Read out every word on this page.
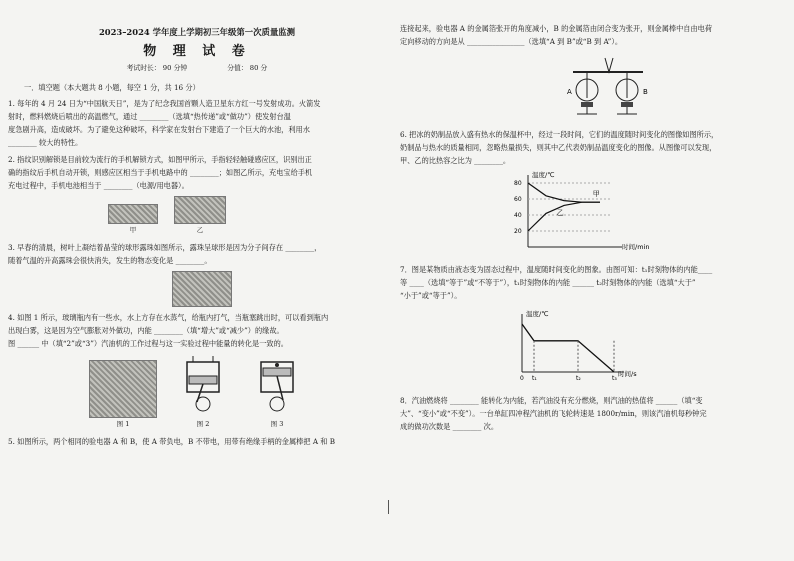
2023–2024 学年度上学期初三年级第一次质量监测
物 理 试 卷
考试时长： 90 分钟	分值： 80 分
一．填空题（本大题共 8 小题，每空 1 分，共 16 分）

1. 每年的 4 月 24 日为“中国航天日”，是为了纪念我国首颗人造卫星东方红一号发射成功。火箭发

射时，燃料燃烧后喷出的高温燃气，通过 ________（选填“热传递”或“做功”）使发射台温

度急剧升高，造成破坏。为了避免这种破坏，科学家在发射台下建造了一个巨大的水池，利用水

________ 较大的特性。

2. 指纹识别解锁是目前较为流行的手机解锁方式，如图甲所示，手指轻轻触碰感应区，识别出正

确的指纹后手机自动开锁，则感应区相当于手机电路中的 ________；如图乙所示，充电宝给手机

充电过程中，手机电池相当于 ________（电源/用电器）。

甲	乙

3. 早春的清晨，树叶上凝结着晶莹的球形露珠如图所示，露珠呈球形是因为分子间存在 ________，

随着气温的升高露珠会很快消失，发生的物态变化是 ________。

4. 如图 1 所示，玻璃瓶内有一些水，水上方存在水蒸气，给瓶内打气，当瓶塞跳出时，可以看到瓶内

出现白雾，这是因为空气膨胀对外做功，内能 ________（填“增大”或“减少”）的缘故。

图 ______ 中（填“2”或“3”）汽油机的工作过程与这一实验过程中能量的转化是一致的。

图 1	图 2	图 3

5. 如图所示，两个相同的验电器 A 和 B，使 A 带负电，B 不带电，用带有绝缘手柄的金属棒把 A 和 B

连接起来，验电器 A 的金属箔张开的角度减小，B 的金属箔由闭合变为张开，则金属棒中自由电荷

定向移动的方向是从 ________________（选填“A 到 B”或“B 到 A”）。

A	B

6. 把冰的奶制品放入盛有热水的保温杯中，经过一段时间，它们的温度随时间变化的图像如图所示，

奶制品与热水的质量相同，忽略热量损失，则其中乙代表奶制品温度变化的图像。从图像可以发现，

甲、乙的比热容之比为 ________。

温度/℃
时间/min
20
40
60
80
甲
乙

7．图是某物质由液态变为固态过程中，温度随时间变化的图象。由图可知：t₁时刻物体的内能____

等 ____（选填“等于”或“不等于”），t₁时刻物体的内能 ______ t₂时刻物体的内能（选填“大于”

“小于”或“等于”）。

温度/℃
时间/s
0 t₁	t₂	t₃

8．汽油燃烧将 ________ 能转化为内能，若汽油没有充分燃烧，则汽油的热值将 ______（填“变

大”、“变小”或“不变”）。一台单缸四冲程汽油机的飞轮转速是 1800r/min，则该汽油机每秒钟完

成的做功次数是 ________ 次。
